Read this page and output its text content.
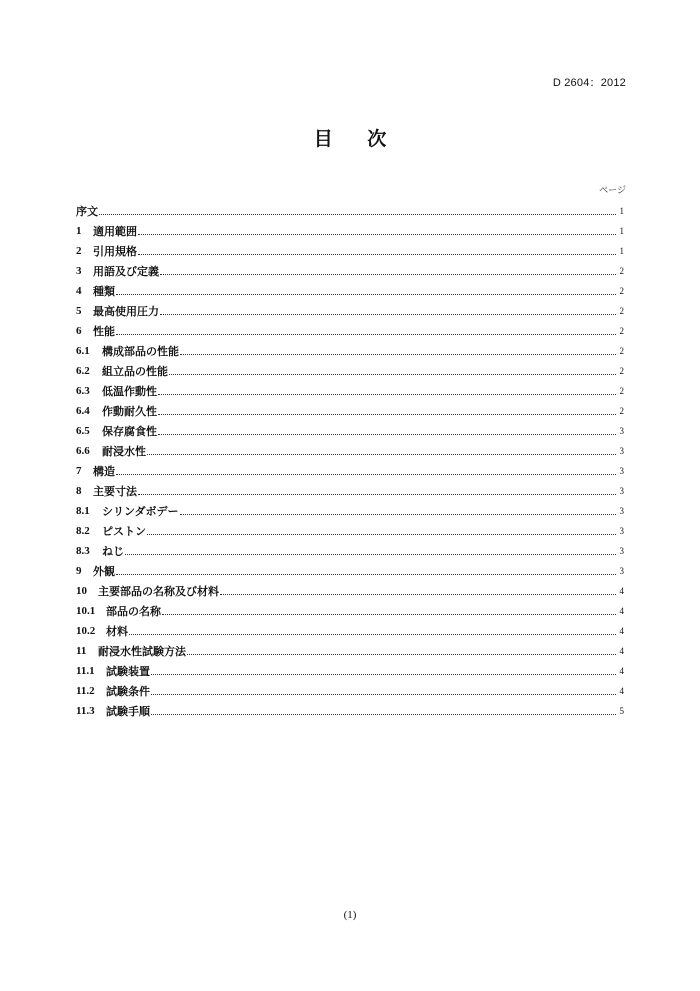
D 2604：2012
目 次
ページ
序文	1
1	適用範囲	1
2	引用規格	1
3	用語及び定義	2
4	種類	2
5	最高使用圧力	2
6	性能	2
6.1	構成部品の性能	2
6.2	組立品の性能	2
6.3	低温作動性	2
6.4	作動耐久性	2
6.5	保存腐食性	3
6.6	耐浸水性	3
7	構造	3
8	主要寸法	3
8.1	シリンダボデー	3
8.2	ピストン	3
8.3	ねじ	3
9	外観	3
10	主要部品の名称及び材料	4
10.1 部品の名称	4
10.2 材料	4
11	耐浸水性試験方法	4
11.1	試験装置	4
11.2	試験条件	4
11.3	試験手順	5
(1)
